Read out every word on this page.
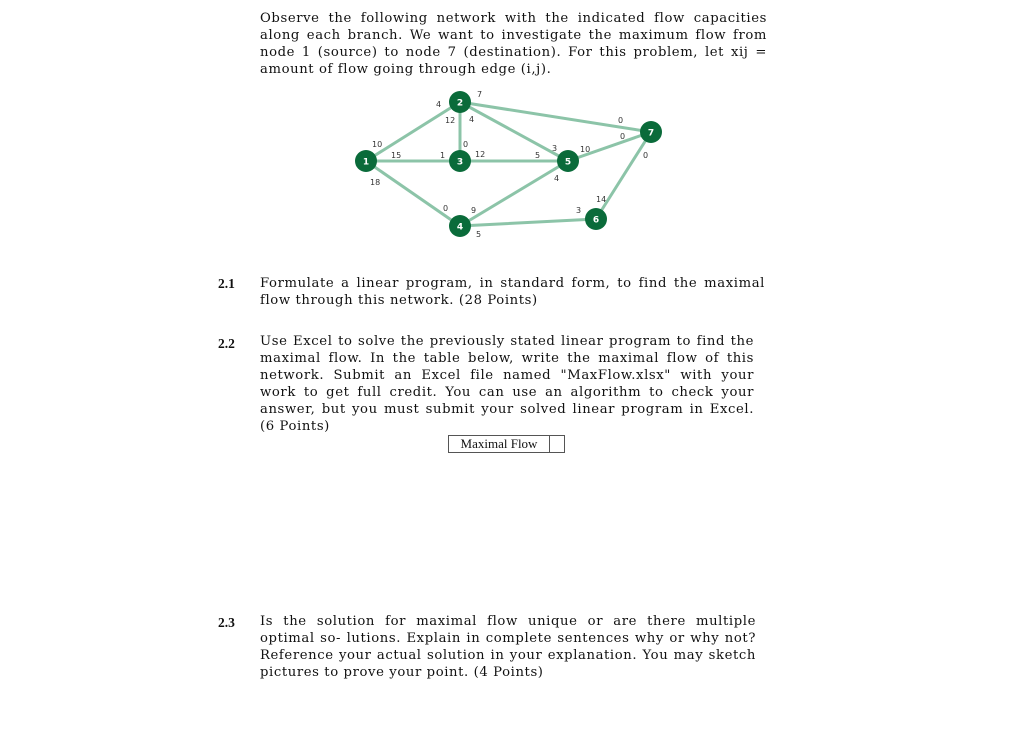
Observe the following network with the indicated flow capacities along each branch. We want to investigate the maximum flow from node 1 (source) to node 7 (destination). For this problem, let xij = amount of flow going through edge (i,j).

10
4
15	1
18
0
12
0
4
3
7
0
12	5
9
4
5
3
10
0
14
0
1
2
3
4
5
6
7
2.1 Formulate a linear program, in standard form, to find the maximal flow through this network. (28 Points)

2.2 Use Excel to solve the previously stated linear program to find the maximal flow. In the table below, write the maximal flow of this network. Submit an Excel file named "MaxFlow.xlsx" with your work to get full credit. You can use an algorithm to check your answer, but you must submit your solved linear program in Excel. (6 Points)

Maximal Flow	
2.3 Is the solution for maximal flow unique or are there multiple optimal so- lutions. Explain in complete sentences why or why not? Reference your actual solution in your explanation. You may sketch pictures to prove your point. (4 Points)
